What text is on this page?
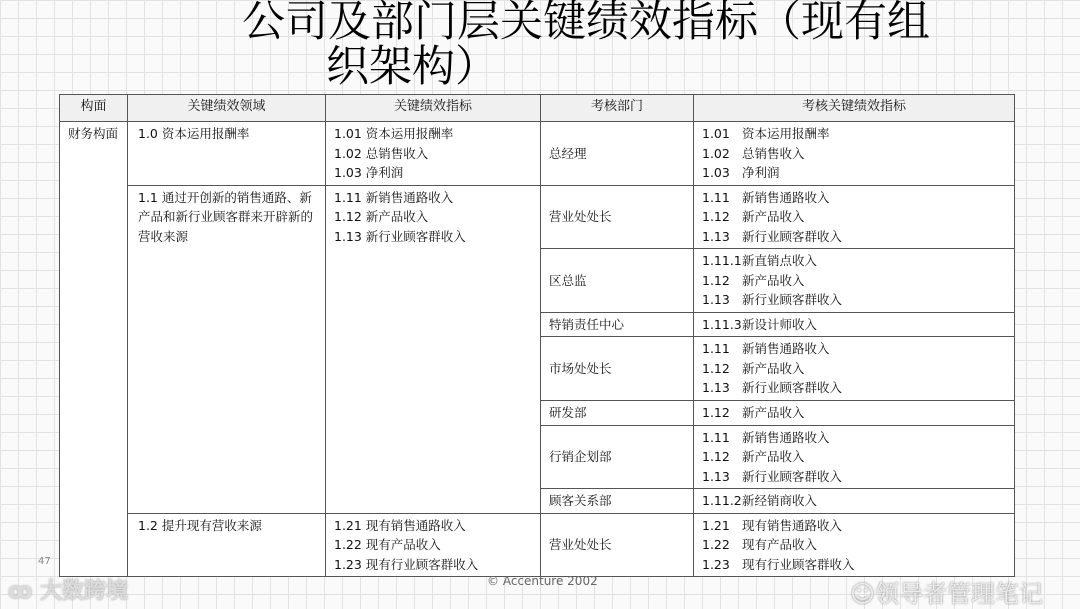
公司及部门层关键绩效指标（现有组
织架构）
构面	关键绩效领域	关键绩效指标	考核部门	考核关键绩效指标
财务构面	1.0 资本运用报酬率	1.01 资本运用报酬率
1.02 总销售收入
1.03 净利润	总经理	1.01 资本运用报酬率
1.02 总销售收入
1.03 净利润

	1.1 通过开创新的销售通路、新产品和新行业顾客群来开辟新的营收来源	1.11 新销售通路收入
1.12 新产品收入
1.13 新行业顾客群收入	营业处处长	1.11 新销售通路收入
1.12 新产品收入
1.13 新行业顾客群收入

			区总监	1.11.1新直销点收入
1.12 新产品收入
1.13 新行业顾客群收入

			特销责任中心	1.11.3新设计师收入

			市场处处长	1.11 新销售通路收入
1.12 新产品收入
1.13 新行业顾客群收入

			研发部	1.12 新产品收入

			行销企划部	1.11 新销售通路收入
1.12 新产品收入
1.13 新行业顾客群收入

			顾客关系部	1.11.2新经销商收入

	1.2 提升现有营收来源	1.21 现有销售通路收入
1.22 现有产品收入
1.23 现有行业顾客群收入	营业处处长	1.21 现有销售通路收入
1.22 现有产品收入
1.23 现有行业顾客群收入
47
© Accenture 2002
ꝏ 大数跨境	☺领导者管理笔记
